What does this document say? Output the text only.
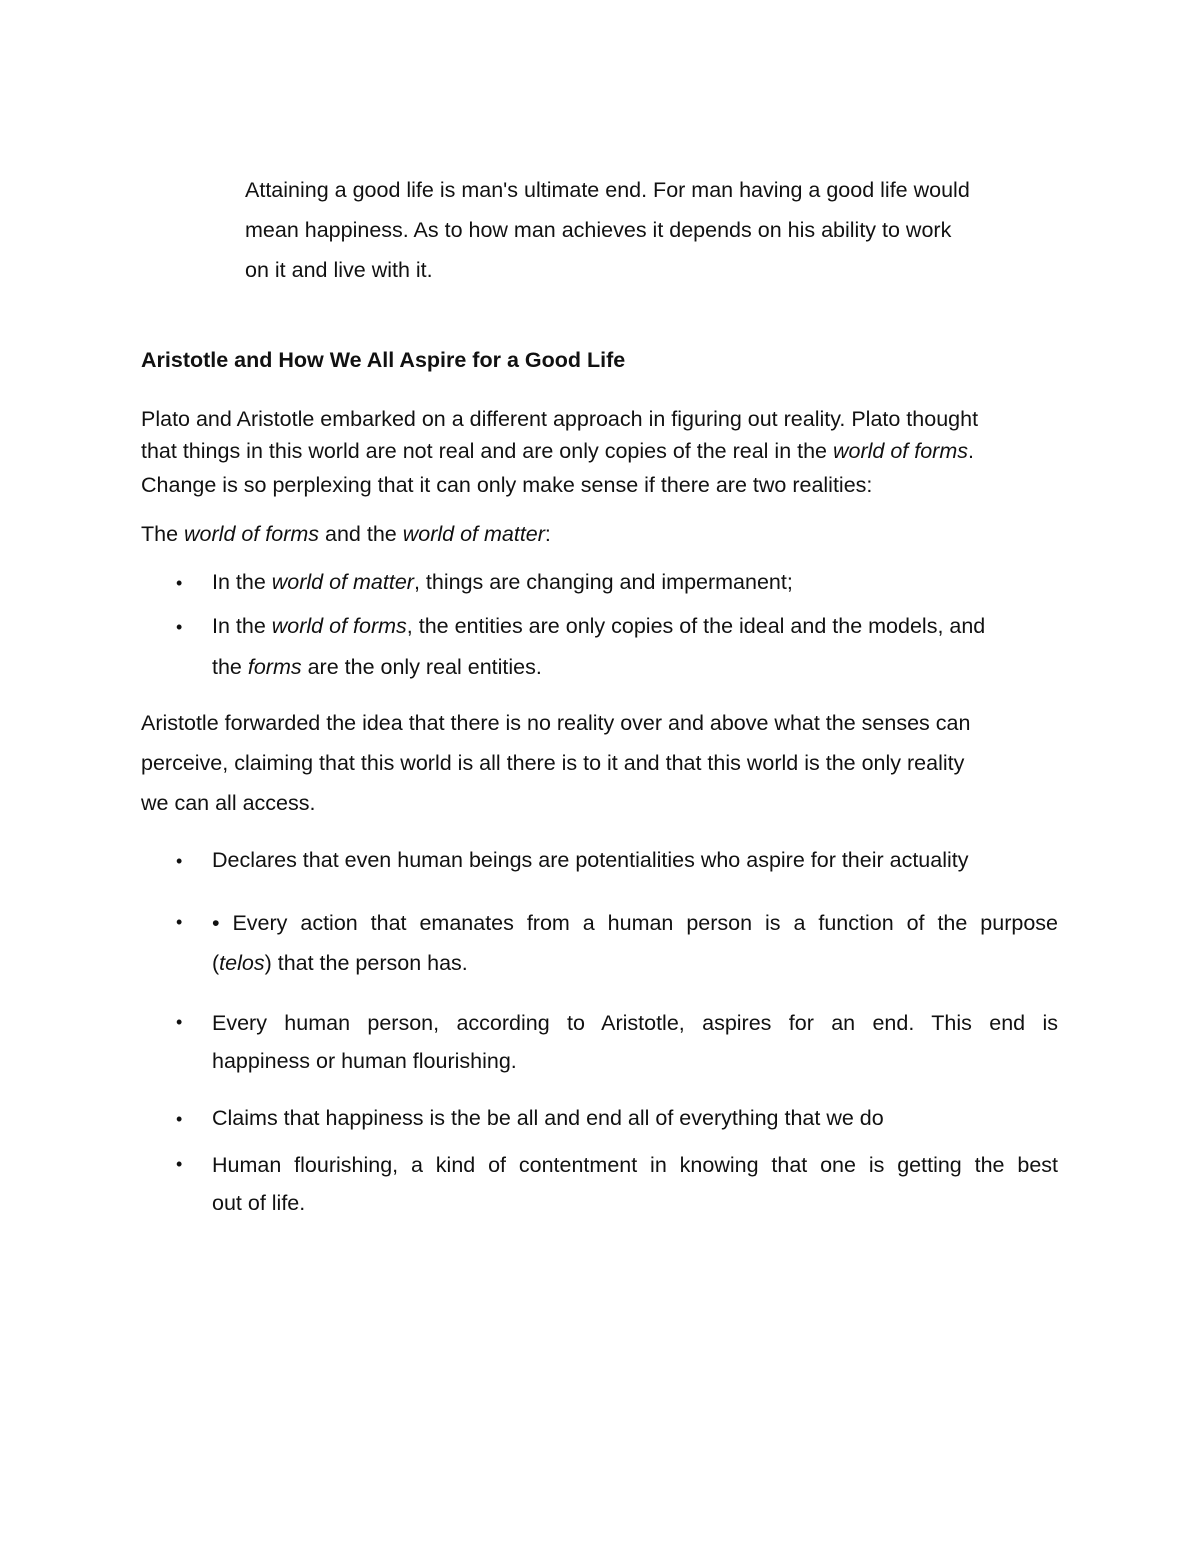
Attaining a good life is man's ultimate end. For man having a good life would
mean happiness. As to how man achieves it depends on his ability to work
on it and live with it.
Aristotle and How We All Aspire for a Good Life
Plato and Aristotle embarked on a different approach in figuring out reality. Plato thought
that things in this world are not real and are only copies of the real in the world of forms.
Change is so perplexing that it can only make sense if there are two realities:
The world of forms and the world of matter:
• In the world of matter, things are changing and impermanent;
• In the world of forms, the entities are only copies of the ideal and the models, and
the forms are the only real entities.
Aristotle forwarded the idea that there is no reality over and above what the senses can
perceive, claiming that this world is all there is to it and that this world is the only reality
we can all access.
• Declares that even human beings are potentialities who aspire for their actuality
• • Every action that emanates from a human person is a function of the purpose
(telos) that the person has.
• Every human person, according to Aristotle, aspires for an end. This end is
happiness or human flourishing.
• Claims that happiness is the be all and end all of everything that we do
• Human flourishing, a kind of contentment in knowing that one is getting the best
out of life.
